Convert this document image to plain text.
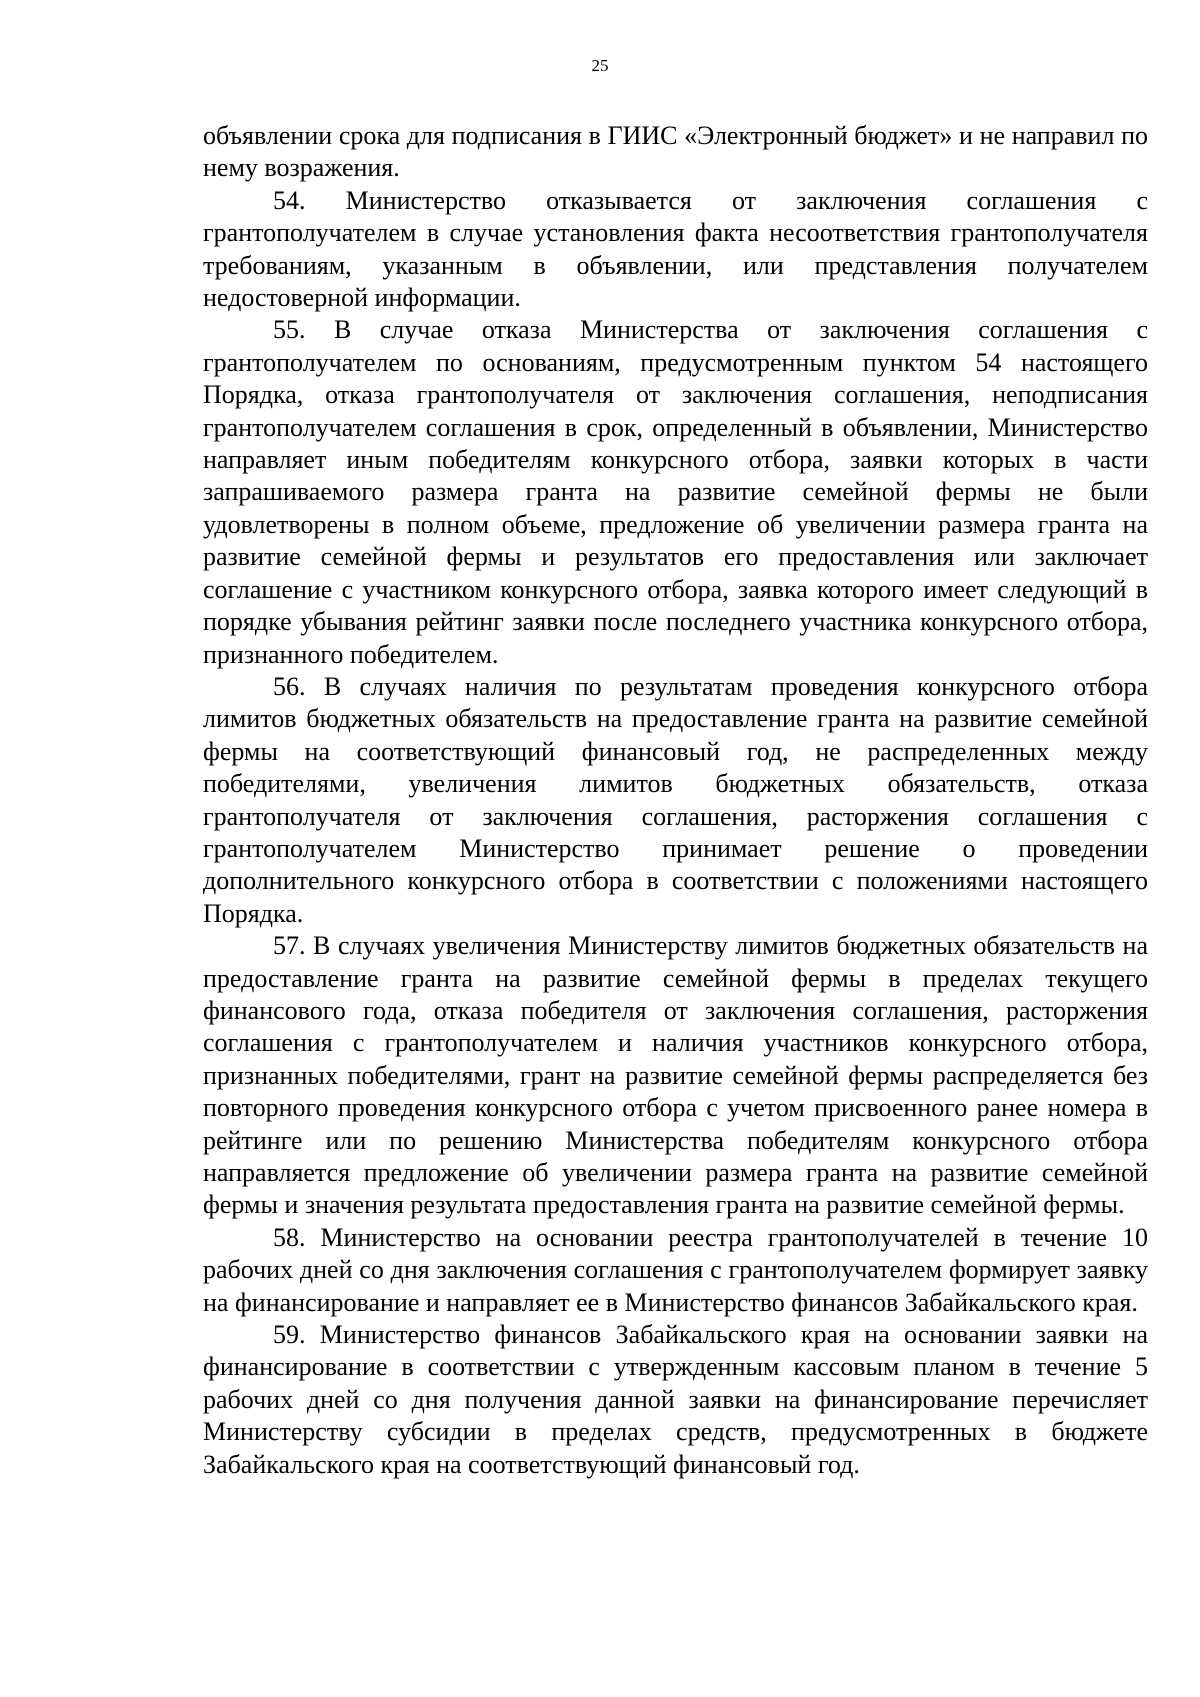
25

объявлении срока для подписания в ГИИС «Электронный бюджет» и не направил по нему возражения.

54. Министерство отказывается от заключения соглашения с грантополучателем в случае установления факта несоответствия грантополучателя требованиям, указанным в объявлении, или представления получателем недостоверной информации.

55. В случае отказа Министерства от заключения соглашения с грантополучателем по основаниям, предусмотренным пунктом 54 настоящего Порядка, отказа грантополучателя от заключения соглашения, неподписания грантополучателем соглашения в срок, определенный в объявлении, Министерство направляет иным победителям конкурсного отбора, заявки которых в части запрашиваемого размера гранта на развитие семейной фермы не были удовлетворены в полном объеме, предложение об увеличении размера гранта на развитие семейной фермы и результатов его предоставления или заключает соглашение с участником конкурсного отбора, заявка которого имеет следующий в порядке убывания рейтинг заявки после последнего участника конкурсного отбора, признанного победителем.

56. В случаях наличия по результатам проведения конкурсного отбора лимитов бюджетных обязательств на предоставление гранта на развитие семейной фермы на соответствующий финансовый год, не распределенных между победителями, увеличения лимитов бюджетных обязательств, отказа грантополучателя от заключения соглашения, расторжения соглашения с грантополучателем Министерство принимает решение о проведении дополнительного конкурсного отбора в соответствии с положениями настоящего Порядка.

57. В случаях увеличения Министерству лимитов бюджетных обязательств на предоставление гранта на развитие семейной фермы в пределах текущего финансового года, отказа победителя от заключения соглашения, расторжения соглашения с грантополучателем и наличия участников конкурсного отбора, признанных победителями, грант на развитие семейной фермы распределяется без повторного проведения конкурсного отбора с учетом присвоенного ранее номера в рейтинге или по решению Министерства победителям конкурсного отбора направляется предложение об увеличении размера гранта на развитие семейной фермы и значения результата предоставления гранта на развитие семейной фермы.

58. Министерство на основании реестра грантополучателей в течение 10 рабочих дней со дня заключения соглашения с грантополучателем формирует заявку на финансирование и направляет ее в Министерство финансов Забайкальского края.

59. Министерство финансов Забайкальского края на основании заявки на финансирование в соответствии с утвержденным кассовым планом в течение 5 рабочих дней со дня получения данной заявки на финансирование перечисляет Министерству субсидии в пределах средств, предусмотренных в бюджете Забайкальского края на соответствующий финансовый год.
